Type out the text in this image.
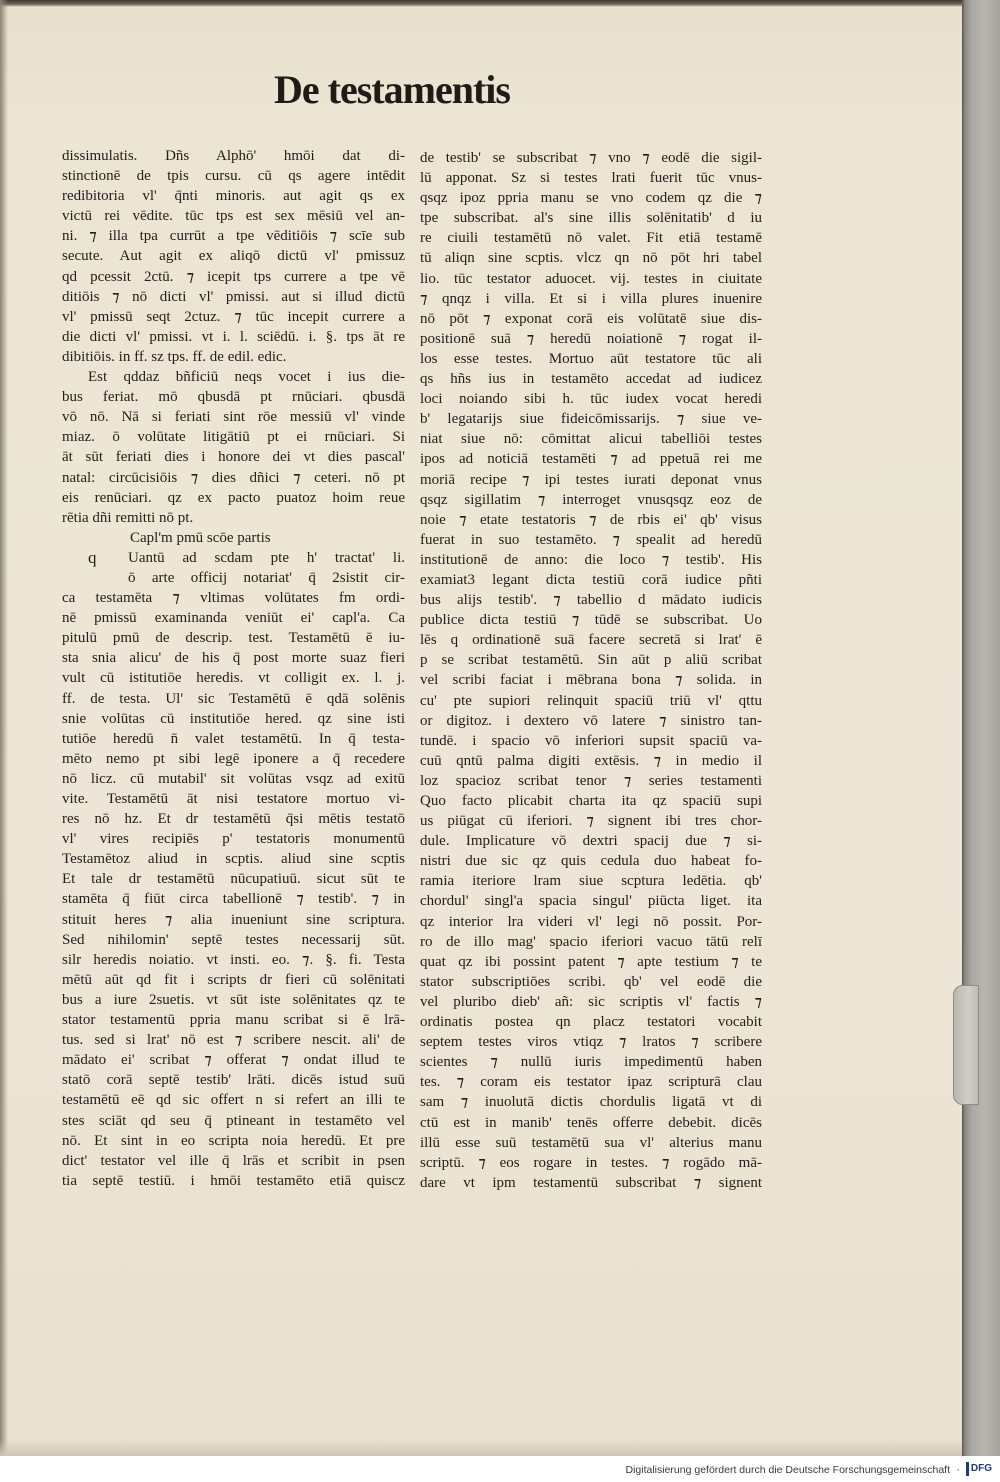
De testamentis
dissimulatis. Dñs Alphō' hmōi dat di-
stinctionē de tpis cursu. cū qs agere intēdit
redibitoria vl' q̄nti minoris. aut agit qs ex
victū rei vēdite. tūc tps est sex mēsiū vel an-
ni. ⁊ illa tpa currūt a tpe vēditiōis ⁊ scīe sub
secute. Aut agit ex aliqō dictū vl' pmissuz
qd pcessit 2ctū. ⁊ icepit tps currere a tpe vē
ditiōis ⁊ nō dicti vl' pmissi. aut si illud dictū
vl' pmissū seqt 2ctuz. ⁊ tūc incepit currere a
die dicti vl' pmissi. vt i. l. sciēdū. i. §. tps āt re
dibitiōis. in ff. sz tps. ff. de edil. edic.
Est qddaz bñficiū neqs vocet i ius die-
bus feriat. mō qbusdā pt rnūciari. qbusdā
vō nō. Nā si feriati sint rōe messiū vl' vinde
miaz. ō volūtate litigātiū pt ei rnūciari. Si
āt sūt feriati dies i honore dei vt dies pascal'
natal: circūcisiōis ⁊ dies dñici ⁊ ceteri. nō pt
eis renūciari. qz ex pacto puatoz hoim reue
rētia dñi remitti nō pt.
Capl'm pmū scōe partis
q	Uantū ad scdam pte h' tractat' li.
ō arte officij notariat' q̄ 2sistit cir-
ca testamēta ⁊ vltimas volūtates fm ordi-
nē pmissū examinanda veniūt ei' capl'a. Ca
pitulū pmū de descrip. test. Testamētū ē iu-
sta snia alicu' de his q̄ post morte suaz fieri
vult cū istitutiōe heredis. vt colligit ex. l. j.
ff. de testa. Ul' sic Testamētū ē qdā solēnis
snie volūtas cū institutiōe hered. qz sine isti
tutiōe heredū n̄ valet testamētū. In q̄ testa-
mēto nemo pt sibi legē iponere a q̄ recedere
nō licz. cū mutabil' sit volūtas vsqz ad exitū
vite. Testamētū āt nisi testatore mortuo vi-
res nō hz. Et dr testamētū q̄si mētis testatō
vl' vires recipiēs p' testatoris monumentū
Testamētoz aliud in scptis. aliud sine scptis
Et tale dr testamētū nūcupatiuū. sicut sūt te
stamēta q̄ fiūt circa tabellionē ⁊ testib'. ⁊ in
stituit heres ⁊ alia inueniunt sine scriptura.
Sed nihilomin' septē testes necessarij sūt.
silr heredis noiatio. vt insti. eo. ⁊. §. fi. Testa
mētū aūt qd fit i scripts dr fieri cū solēnitati
bus a iure 2suetis. vt sūt iste solēnitates qz te
stator testamentū ppria manu scribat si ē lrā-
tus. sed si lrat' nō est ⁊ scribere nescit. ali' de
mādato ei' scribat ⁊ offerat ⁊ ondat illud te
statō corā septē testib' lrāti. dicēs istud suū
testamētū eē qd sic offert n si refert an illi te
stes sciāt qd seu q̄ ptineant in testamēto vel
nō. Et sint in eo scripta noia heredū. Et pre
dict' testator vel ille q̄ lrās et scribit in psen
tia septē testiū. i hmōi testamēto etiā quiscz
de testib' se subscribat ⁊ vno ⁊ eodē die sigil-
lū apponat. Sz si testes lrati fuerit tūc vnus-
qsqz ipoz ppria manu se vno codem qz die ⁊
tpe subscribat. al's sine illis solēnitatib' d iu
re ciuili testamētū nō valet. Fit etiā testamē
tū aliqn sine scptis. vlcz qn nō pōt hri tabel
lio. tūc testator aduocet. vij. testes in ciuitate
⁊ qnqz i villa. Et si i villa plures inuenire
nō pōt ⁊ exponat corā eis volūtatē siue dis-
positionē suā ⁊ heredū noiationē ⁊ rogat il-
los esse testes. Mortuo aūt testatore tūc ali
qs hñs ius in testamēto accedat ad iudicez
loci noiando sibi h. tūc iudex vocat heredi
b' legatarijs siue fideicōmissarijs. ⁊ siue ve-
niat siue nō: cōmittat alicui tabelliōi testes
ipos ad noticiā testamēti ⁊ ad ppetuā rei me
moriā recipe ⁊ ipi testes iurati deponat vnus
qsqz sigillatim ⁊ interroget vnusqsqz eoz de
noie ⁊ etate testatoris ⁊ de rbis ei' qb' visus
fuerat in suo testamēto. ⁊ spealit ad heredū
institutionē de anno: die loco ⁊ testib'. His
examiat3 legant dicta testiū corā iudice pñti
bus alijs testib'. ⁊ tabellio d mādato iudicis
publice dicta testiū ⁊ tūdē se subscribat. Uo
lēs q ordinationē suā facere secretā si lrat' ē
p se scribat testamētū. Sin aūt p aliū scribat
vel scribi faciat i mēbrana bona ⁊ solida. in
cu' pte supiori relinquit spaciū triū vl' qttu
or digitoz. i dextero vō latere ⁊ sinistro tan-
tundē. i spacio vō inferiori supsit spaciū va-
cuū qntū palma digiti extēsis. ⁊ in medio il
loz spacioz scribat tenor ⁊ series testamenti
Quo facto plicabit charta ita qz spaciū supi
us piūgat cū iferiori. ⁊ signent ibi tres chor-
dule. Implicature vō dextri spacij due ⁊ si-
nistri due sic qz quis cedula duo habeat fo-
ramia iteriore lram siue scptura ledētia. qb'
chordul' singl'a spacia singul' piūcta liget. ita
qz interior lra videri vl' legi nō possit. Por-
ro de illo mag' spacio iferiori vacuo tātū relī
quat qz ibi possint patent ⁊ apte testium ⁊ te
stator subscriptiōes scribi. qb' vel eodē die
vel pluribo dieb' añ: sic scriptis vl' factis ⁊
ordinatis postea qn placz testatori vocabit
septem testes viros vtiqz ⁊ lratos ⁊ scribere
scientes ⁊ nullū iuris impedimentū haben
tes. ⁊ coram eis testator ipaz scripturā clau
sam ⁊ inuolutā dictis chordulis ligatā vt di
ctū est in manib' tenēs offerre debebit. dicēs
illū esse suū testamētū sua vl' alterius manu
scriptū. ⁊ eos rogare in testes. ⁊ rogādo mā-
dare vt ipm testamentū subscribat ⁊ signent
Digitalisierung gefördert durch die Deutsche Forschungsgemeinschaft ·	DFG
